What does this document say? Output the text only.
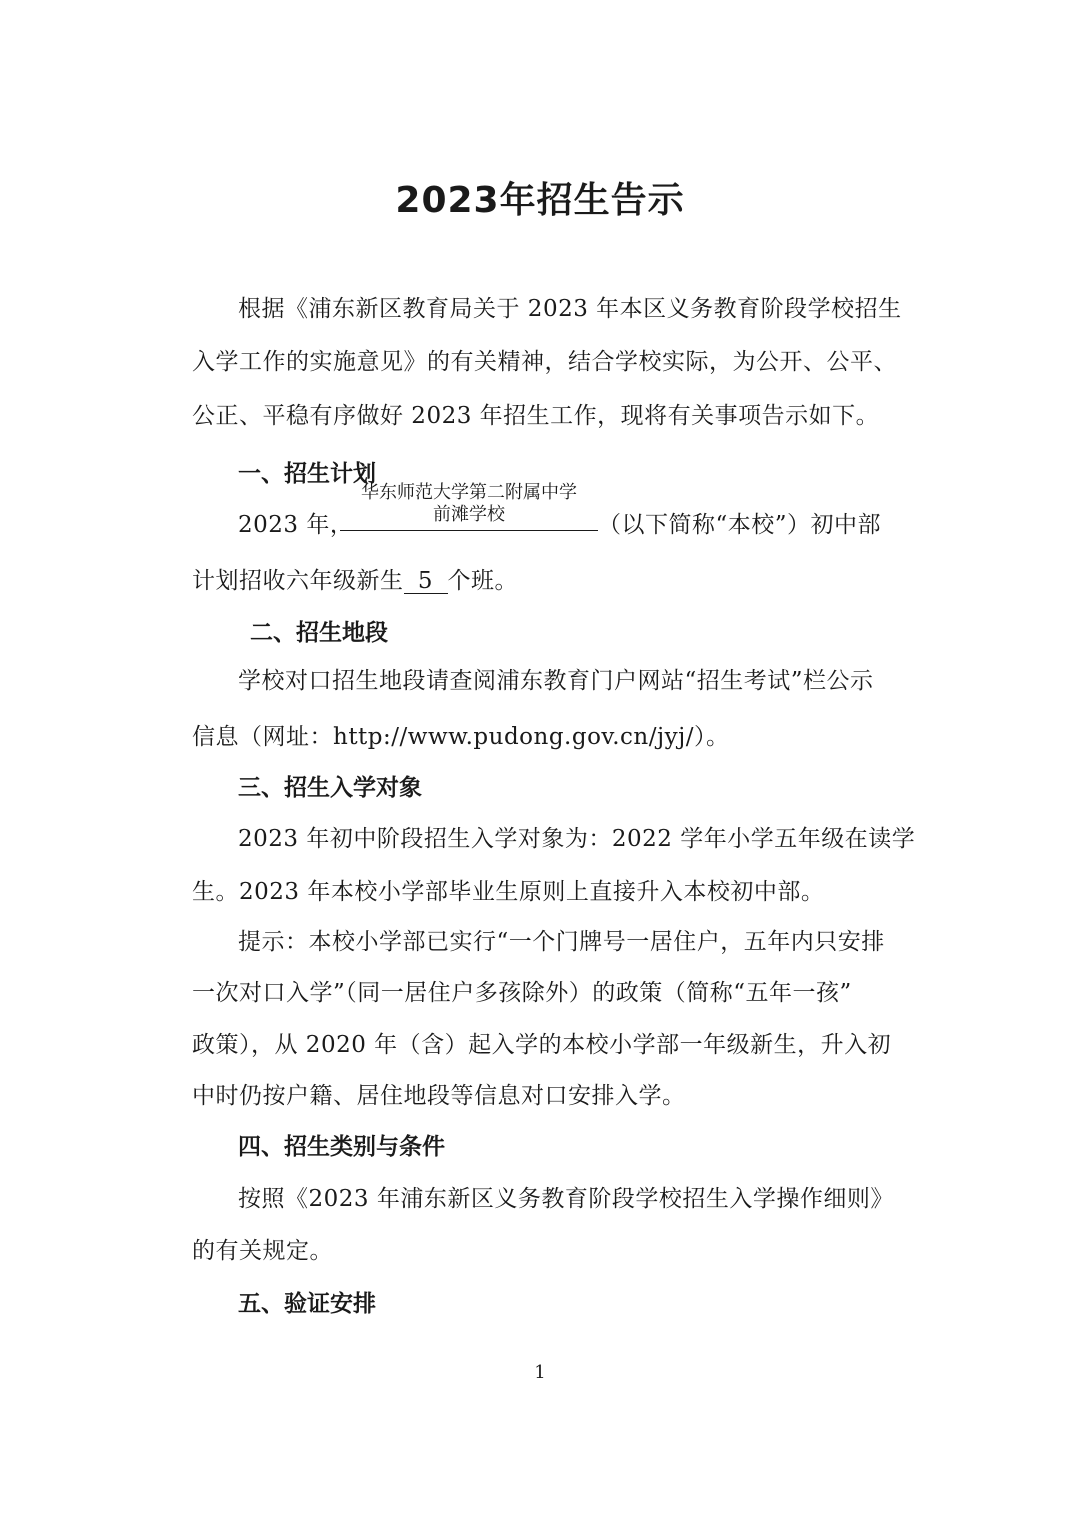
2023年招生告示
根据《浦东新区教育局关于 2023 年本区义务教育阶段学校招生
入学工作的实施意见》的有关精神，结合学校实际，为公开、公平、
公正、平稳有序做好 2023 年招生工作，现将有关事项告示如下。
一、招生计划
2023 年，
华东师范大学第二附属中学
前滩学校	（以下简称“本校”）初中部
计划招收六年级新生 5 个班。
二、招生地段
学校对口招生地段请查阅浦东教育门户网站“招生考试”栏公示
信息（网址：http://www.pudong.gov.cn/jyj/）。
三、招生入学对象
2023 年初中阶段招生入学对象为：2022 学年小学五年级在读学
生。2023 年本校小学部毕业生原则上直接升入本校初中部。
提示：本校小学部已实行“一个门牌号一居住户，五年内只安排
一次对口入学”（同一居住户多孩除外）的政策（简称“五年一孩”
政策），从 2020 年（含）起入学的本校小学部一年级新生，升入初
中时仍按户籍、居住地段等信息对口安排入学。
四、招生类别与条件
按照《2023 年浦东新区义务教育阶段学校招生入学操作细则》
的有关规定。
五、验证安排
1
